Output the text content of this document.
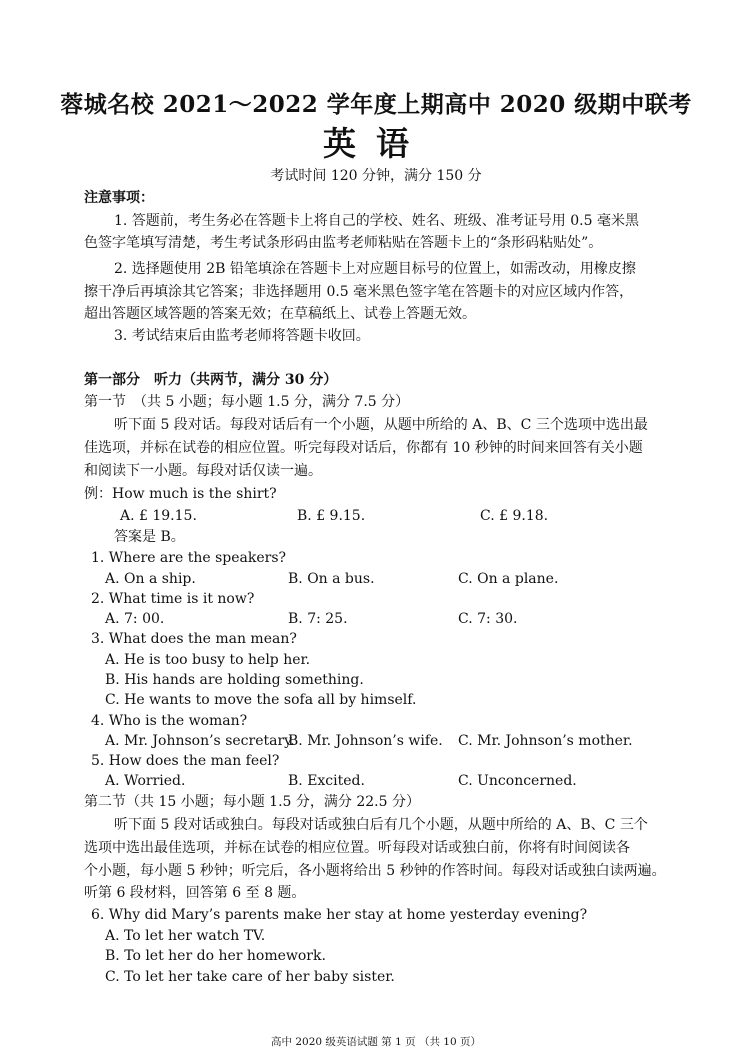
蓉城名校 2021～2022 学年度上期高中 2020 级期中联考
英语
考试时间 120 分钟，满分 150 分
注意事项：
1. 答题前，考生务必在答题卡上将自己的学校、姓名、班级、准考证号用 0.5 毫米黑
色签字笔填写清楚，考生考试条形码由监考老师粘贴在答题卡上的“条形码粘贴处”。
2. 选择题使用 2B 铅笔填涂在答题卡上对应题目标号的位置上，如需改动，用橡皮擦
擦干净后再填涂其它答案；非选择题用 0.5 毫米黑色签字笔在答题卡的对应区域内作答，
超出答题区域答题的答案无效；在草稿纸上、试卷上答题无效。
3. 考试结束后由监考老师将答题卡收回。
第一部分　听力（共两节，满分 30 分）
第一节　（共 5 小题；每小题 1.5 分，满分 7.5 分）
听下面 5 段对话。每段对话后有一个小题，从题中所给的 A、B、C 三个选项中选出最
佳选项，并标在试卷的相应位置。听完每段对话后，你都有 10 秒钟的时间来回答有关小题
和阅读下一小题。每段对话仅读一遍。
例：How much is the shirt?
A. £ 19.15.	B. £ 9.15.	C. £ 9.18.
答案是 B。
1. Where are the speakers?
A. On a ship.	B. On a bus.	C. On a plane.
2. What time is it now?
A. 7: 00.	B. 7: 25.	C. 7: 30.
3. What does the man mean?
A. He is too busy to help her.
B. His hands are holding something.
C. He wants to move the sofa all by himself.
4. Who is the woman?
A. Mr. Johnson’s secretary.
B. Mr. Johnson’s wife. C. Mr. Johnson’s mother.
5. How does the man feel?
A. Worried.	B. Excited.	C. Unconcerned.
第二节（共 15 小题；每小题 1.5 分，满分 22.5 分）
听下面 5 段对话或独白。每段对话或独白后有几个小题，从题中所给的 A、B、C 三个
选项中选出最佳选项，并标在试卷的相应位置。听每段对话或独白前，你将有时间阅读各
个小题，每小题 5 秒钟；听完后，各小题将给出 5 秒钟的作答时间。每段对话或独白读两遍。
听第 6 段材料，回答第 6 至 8 题。
6. Why did Mary’s parents make her stay at home yesterday evening?
A. To let her watch TV.
B. To let her do her homework.
C. To let her take care of her baby sister.
高中 2020 级英语试题 第 1 页 （共 10 页）
